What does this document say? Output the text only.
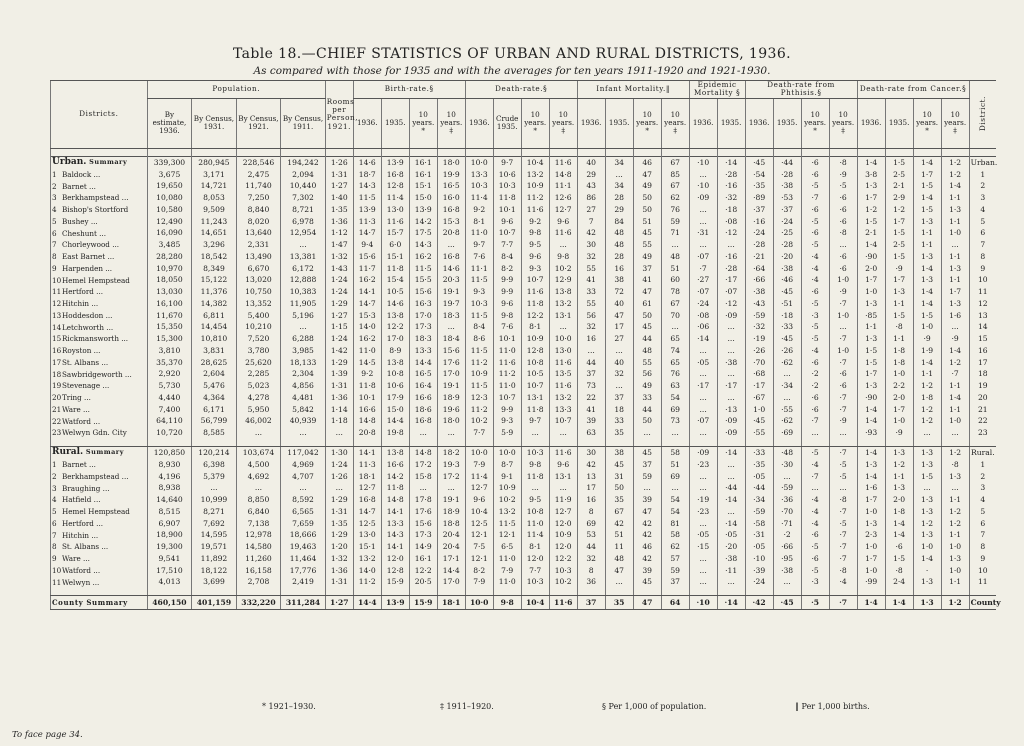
Table 18.—CHIEF STATISTICS OF URBAN AND RURAL DISTRICTS, 1936.
As compared with those for 1935 and with the averages for ten years 1911-1920 and 1921-1930.
Districts.	Population.				Rooms per Person, 1921.	Birth-rate.§				Death-rate.§				Infant Mortality.‖				Epidemic Mortality §		Death-rate from Phthisis.§				Death-rate from Cancer.§				District.
	By estimate, 1936.	By Census, 1931.	By Census, 1921.	By Census, 1911.		1936.	1935.	10 years. *	10 years. ‡	1936.	Crude 1935.	10 years. *	10 years. ‡	1936.	1935.	10 years. *	10 years. ‡	1936.	1935.	1936.	1935.	10 years. *	10 years. ‡	1936.	1935.	10 years. *	10 years. ‡	

Urban. Summary	339,300	280,945	228,546	194,242	1·26	14·6	13·9	16·1	18·0	10·0	9·7	10·4	11·6	40	34	46	67	·10	·14	·45	·44	·6	·8	1·4	1·5	1·4	1·2	Urban.
1 Baldock ...	3,675	3,171	2,475	2,094	1·31	18·7	16·8	16·1	19·9	13·3	10·6	13·2	14·8	29	...	47	85	...	·28	·54	·28	·6	·9	3·8	2·5	1·7	1·2	1
2 Barnet ...	19,650	14,721	11,740	10,440	1·27	14·3	12·8	15·1	16·5	10·3	10·3	10·9	11·1	43	34	49	67	·10	·16	·35	·38	·5	·5	1·3	2·1	1·5	1·4	2
3 Berkhampstead ...	10,080	8,053	7,250	7,302	1·40	11·5	11·4	15·0	16·0	11·4	11·8	11·2	12·6	86	28	50	62	·09	·32	·89	·53	·7	·6	1·7	2·9	1·4	1·1	3
4 Bishop's Stortford	10,580	9,509	8,840	8,721	1·35	13·9	13·0	13·9	16·8	9·2	10·1	11·6	12·7	27	29	50	76	...	·18	·37	·37	·6	·6	1·2	1·2	1·5	1·3	4
5 Bushey ...	12,490	11,243	8,020	6,978	1·36	11·3	11·6	14·2	15·3	8·1	9·6	9·2	9·6	7	84	51	59	...	·08	·16	·24	·5	·6	1·5	1·7	1·3	1·1	5
6 Cheshunt ...	16,090	14,651	13,640	12,954	1·12	14·7	15·7	17·5	20·8	11·0	10·7	9·8	11·6	42	48	45	71	·31	·12	·24	·25	·6	·8	2·1	1·5	1·1	1·0	6
7 Chorleywood ...	3,485	3,296	2,331	...	1·47	9·4	6·0	14·3	...	9·7	7·7	9·5	...	30	48	55	...	...	...	·28	·28	·5	...	1·4	2·5	1·1	...	7
8 East Barnet ...	28,280	18,542	13,490	13,381	1·32	15·6	15·1	16·2	16·8	7·6	8·4	9·6	9·8	32	28	49	48	·07	·16	·21	·20	·4	·6	·90	1·5	1·3	1·1	8
9 Harpenden ...	10,970	8,349	6,670	6,172	1·43	11·7	11·8	11·5	14·6	11·1	8·2	9·3	10·2	55	16	37	51	·7	·28	·64	·38	·4	·6	2·0	·9	1·4	1·3	9
10Hemel Hempstead	18,050	15,122	13,020	12,888	1·24	16·2	15·4	15·5	20·3	11·5	9·9	10·7	12·9	41	38	41	60	·27	·17	·66	·46	·4	1·0	1·7	1·7	1·3	1·1	10
11Hertford ...	13,030	11,376	10,750	10,383	1·24	14·1	10·5	15·6	19·1	9·3	9·9	11·6	13·8	33	72	47	78	·07	·07	·38	·45	·6	·9	1·0	1·3	1·4	1·7	11
12Hitchin ...	16,100	14,382	13,352	11,905	1·29	14·7	14·6	16·3	19·7	10·3	9·6	11·8	13·2	55	40	61	67	·24	·12	·43	·51	·5	·7	1·3	1·1	1·4	1·3	12
13Hoddesdon ...	11,670	6,811	5,400	5,196	1·27	15·3	13·8	17·0	18·3	11·5	9·8	12·2	13·1	56	47	50	70	·08	·09	·59	·18	·3	1·0	·85	1·5	1·5	1·6	13
14Letchworth ...	15,350	14,454	10,210	...	1·15	14·0	12·2	17·3	...	8·4	7·6	8·1	...	32	17	45	...	·06	...	·32	·33	·5	...	1·1	·8	1·0	...	14
15Rickmansworth ...	15,300	10,810	7,520	6,288	1·24	16·2	17·0	18·3	18·4	8·6	10·1	10·9	10·0	16	27	44	65	·14	...	·19	·45	·5	·7	1·3	1·1	·9	·9	15
16Royston ...	3,810	3,831	3,780	3,985	1·42	11·0	8·9	13·3	15·6	11·5	11·0	12·8	13·0	...	...	48	74	...	...	·26	·26	·4	1·0	1·5	1·8	1·9	1·4	16
17St. Albans ...	35,370	28,625	25,620	18,133	1·29	14·5	13·8	14·4	17·6	11·2	11·6	10·8	11·6	44	40	55	65	·05	·38	·70	·62	·6	·7	1·5	1·8	1·4	1·2	17
18Sawbridgeworth ...	2,920	2,604	2,285	2,304	1·39	9·2	10·8	16·5	17·0	10·9	11·2	10·5	13·5	37	32	56	76	...	...	·68	...	·2	·6	1·7	1·0	1·1	·7	18
19Stevenage ...	5,730	5,476	5,023	4,856	1·31	11·8	10·6	16·4	19·1	11·5	11·0	10·7	11·6	73	...	49	63	·17	·17	·17	·34	·2	·6	1·3	2·2	1·2	1·1	19
20Tring ...	4,440	4,364	4,278	4,481	1·36	10·1	17·9	16·6	18·9	12·3	10·7	13·1	13·2	22	37	33	54	...	...	·67	...	·6	·7	·90	2·0	1·8	1·4	20
21Ware ...	7,400	6,171	5,950	5,842	1·14	16·6	15·0	18·6	19·6	11·2	9·9	11·8	13·3	41	18	44	69	...	·13	1·0	·55	·6	·7	1·4	1·7	1·2	1·1	21
22Watford ...	64,110	56,799	46,002	40,939	1·18	14·8	14·4	16·8	18·0	10·2	9·3	9·7	10·7	39	33	50	73	·07	·09	·45	·62	·7	·9	1·4	1·0	1·2	1·0	22
23Welwyn Gdn. City	10,720	8,585	...	...	...	20·8	19·8	...	...	7·7	5·9	...	...	63	35	...	...	...	·09	·55	·69	...	...	·93	·9	...	...	23

Rural. Summary	120,850	120,214	103,674	117,042	1·30	14·1	13·8	14·8	18·2	10·0	10·0	10·3	11·6	30	38	45	58	·09	·14	·33	·48	·5	·7	1·4	1·3	1·3	1·2	Rural.
1 Barnet ...	8,930	6,398	4,500	4,969	1·24	11·3	16·6	17·2	19·3	7·9	8·7	9·8	9·6	42	45	37	51	·23	...	·35	·30	·4	·5	1·3	1·2	1·3	·8	1
2 Berkhampstead ...	4,196	5,379	4,692	4,707	1·26	18·1	14·2	15·8	17·2	11·4	9·1	11·8	13·1	13	31	59	69	...	...	·05	...	·7	·5	1·4	1·1	1·5	1·3	2
3 Braughing ...	8,938	...	...	...	...	12·7	11·8	...	...	12·7	10·9	...	...	17	50	...	...	...	·44	·44	·59	...	...	1·6	1·3	...	...	3
4 Hatfield ...	14,640	10,999	8,850	8,592	1·29	16·8	14·8	17·8	19·1	9·6	10·2	9·5	11·9	16	35	39	54	·19	·14	·34	·36	·4	·8	1·7	2·0	1·3	1·1	4
5 Hemel Hempstead	8,515	8,271	6,840	6,565	1·31	14·7	14·1	17·6	18·9	10·4	13·2	10·8	12·7	8	67	47	54	·23	...	·59	·70	·4	·7	1·0	1·8	1·3	1·2	5
6 Hertford ...	6,907	7,692	7,138	7,659	1·35	12·5	13·3	15·6	18·8	12·5	11·5	11·0	12·0	69	42	42	81	...	·14	·58	·71	·4	·5	1·3	1·4	1·2	1·2	6
7 Hitchin ...	18,900	14,595	12,978	18,666	1·29	13·0	14·3	17·3	20·4	12·1	12·1	11·4	10·9	53	51	42	58	·05	·05	·31	·2	·6	·7	2·3	1·4	1·3	1·1	7
8 St. Albans ...	19,300	19,571	14,580	19,463	1·20	15·1	14·1	14·9	20·4	7·5	6·5	8·1	12·0	44	11	46	62	·15	·20	·05	·66	·5	·7	1·0	·6	1·0	1·0	8
9 Ware ...	9,541	11,892	11,260	11,464	1·32	13·2	12·0	16·1	17·1	12·1	11·0	12·0	12·2	32	48	42	57	...	·38	·10	·95	·6	·7	1·7	1·5	1·4	1·3	9
10Watford ...	17,510	18,122	16,158	17,776	1·36	14·0	12·8	12·2	14·4	8·2	7·9	7·7	10·3	8	47	39	59	...	·11	·39	·38	·5	·8	1·0	·8	·	1·0	10
11Welwyn ...	4,013	3,699	2,708	2,419	1·31	11·2	15·9	20·5	17·0	7·9	11·0	10·3	10·2	36	...	45	37	...	...	·24	...	·3	·4	·99	2·4	1·3	1·1	11

County Summary	460,150	401,159	332,220	311,284	1·27	14·4	13·9	15·9	18·1	10·0	9·8	10·4	11·6	37	35	47	64	·10	·14	·42	·45	·5	·7	1·4	1·4	1·3	1·2	County
* 1921–1930.	‡ 1911–1920.	§ Per 1,000 of population.	‖ Per 1,000 births.
To face page 34.
